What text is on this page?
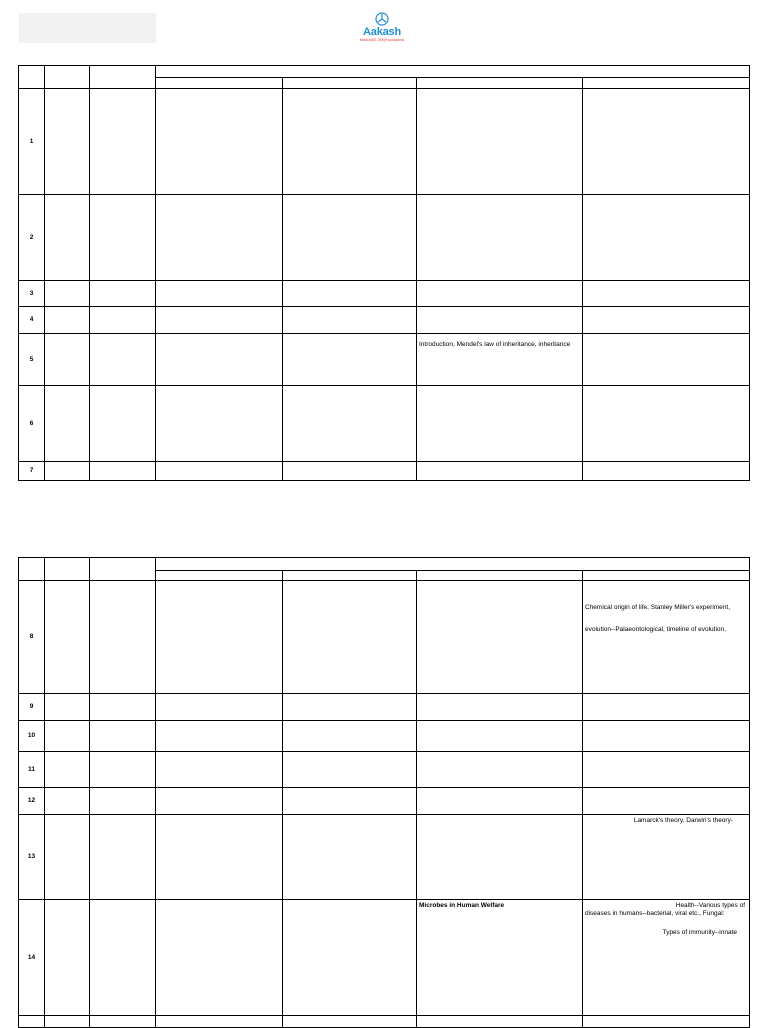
Aakash
Medical|IIT-JEE|Foundations

1						
2						
3						
4						
5					Introduction, Mendel's law of inheritance, inheritance	

6						
7						

8						Chemical origin of life, Stanley Miller's experiment,
evolution--Palaeontological, timeline of evolution,

9						
10						
11						
12						
13						Lamarck's theory, Darwin's theory-

14					Microbes in Human Welfare	Health--Various types of
diseases in humans--bacterial, viral etc., Fungal:
Types of immunity--innate
